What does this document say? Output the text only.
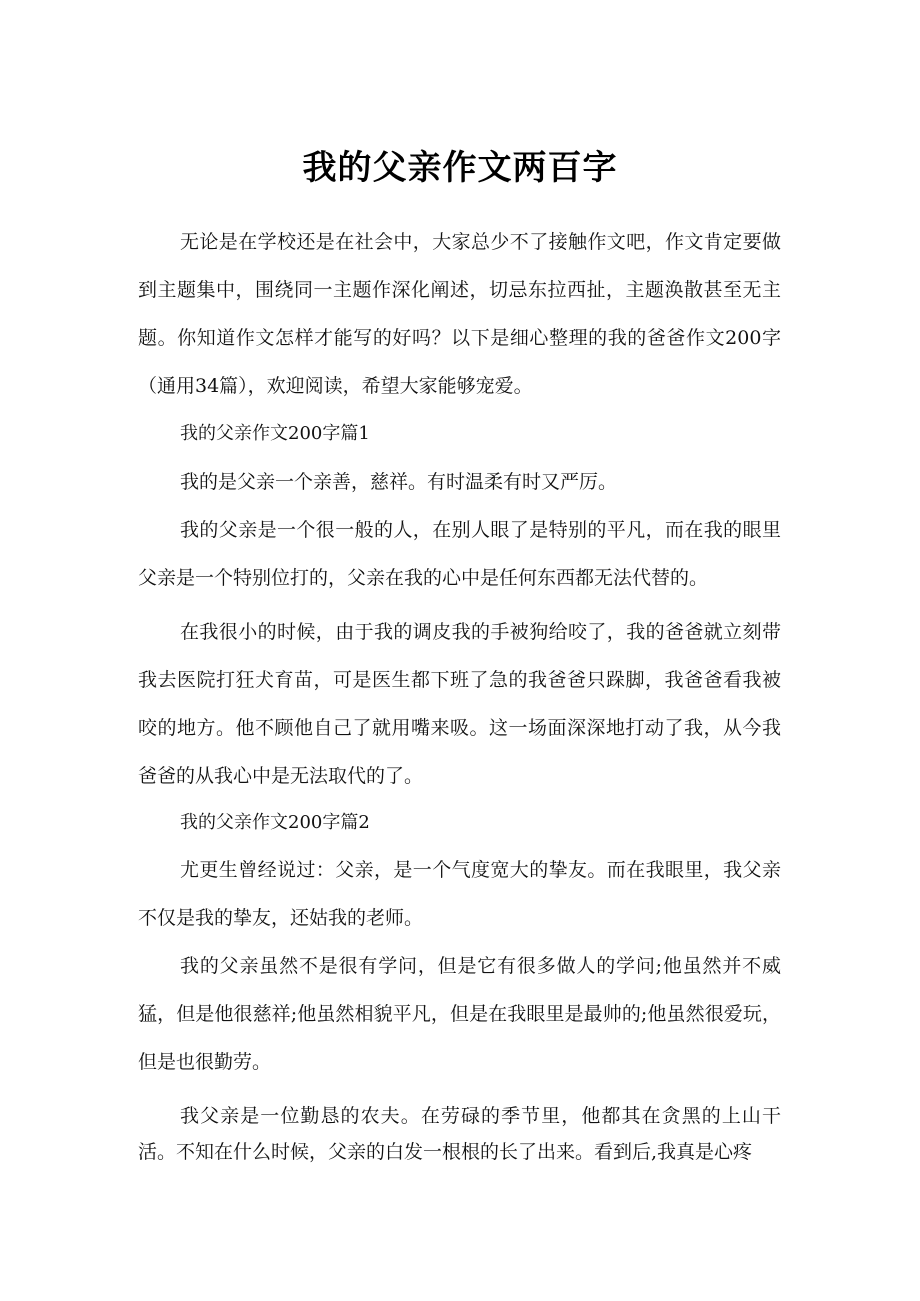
我的父亲作文两百字

无论是在学校还是在社会中，大家总少不了接触作文吧，作文肯定要做到主题集中，围绕同一主题作深化阐述，切忌东拉西扯，主题涣散甚至无主题。你知道作文怎样才能写的好吗？以下是细心整理的我的爸爸作文200字（通用34篇），欢迎阅读，希望大家能够宠爱。

我的父亲作文200字篇1

我的是父亲一个亲善，慈祥。有时温柔有时又严厉。

我的父亲是一个很一般的人，在别人眼了是特别的平凡，而在我的眼里父亲是一个特别位打的，父亲在我的心中是任何东西都无法代替的。

在我很小的时候，由于我的调皮我的手被狗给咬了，我的爸爸就立刻带我去医院打狂犬育苗，可是医生都下班了急的我爸爸只跺脚，我爸爸看我被咬的地方。他不顾他自己了就用嘴来吸。这一场面深深地打动了我，从今我爸爸的从我心中是无法取代的了。

我的父亲作文200字篇2

尤更生曾经说过：父亲，是一个气度宽大的挚友。而在我眼里，我父亲不仅是我的挚友，还姑我的老师。

我的父亲虽然不是很有学问，但是它有很多做人的学问;他虽然并不威猛，但是他很慈祥;他虽然相貌平凡，但是在我眼里是最帅的;他虽然很爱玩，但是也很勤劳。

我父亲是一位勤恳的农夫。在劳碌的季节里，他都其在贪黑的上山干活。不知在什么时候，父亲的白发一根根的长了出来。看到后,我真是心疼
